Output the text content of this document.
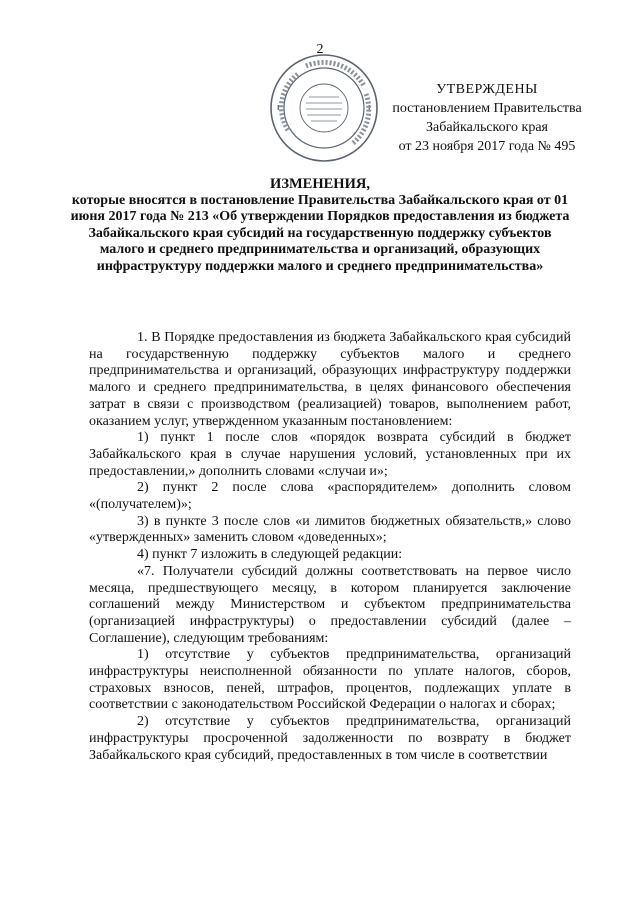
2
УТВЕРЖДЕНЫ
постановлением Правительства
Забайкальского края
от 23 ноября 2017 года № 495
ИЗМЕНЕНИЯ,
которые вносятся в постановление Правительства Забайкальского края от 01 июня 2017 года № 213 «Об утверждении Порядков предоставления из бюджета Забайкальского края субсидий на государственную поддержку субъектов малого и среднего предпринимательства и организаций, образующих инфраструктуру поддержки малого и среднего предпринимательства»

1. В Порядке предоставления из бюджета Забайкальского края субсидий на государственную поддержку субъектов малого и среднего предпринимательства и организаций, образующих инфраструктуру поддержки малого и среднего предпринимательства, в целях финансового обеспечения затрат в связи с производством (реализацией) товаров, выполнением работ, оказанием услуг, утвержденном указанным постановлением:

1) пункт 1 после слов «порядок возврата субсидий в бюджет Забайкальского края в случае нарушения условий, установленных при их предоставлении,» дополнить словами «случаи и»;

2) пункт 2 после слова «распорядителем» дополнить словом «(получателем)»;

3) в пункте 3 после слов «и лимитов бюджетных обязательств,» слово «утвержденных» заменить словом «доведенных»;

4) пункт 7 изложить в следующей редакции:

«7. Получатели субсидий должны соответствовать на первое число месяца, предшествующего месяцу, в котором планируется заключение соглашений между Министерством и субъектом предпринимательства (организацией инфраструктуры) о предоставлении субсидий (далее – Соглашение), следующим требованиям:

1) отсутствие у субъектов предпринимательства, организаций инфраструктуры неисполненной обязанности по уплате налогов, сборов, страховых взносов, пеней, штрафов, процентов, подлежащих уплате в соответствии с законодательством Российской Федерации о налогах и сборах;

2) отсутствие у субъектов предпринимательства, организаций инфраструктуры просроченной задолженности по возврату в бюджет Забайкальского края субсидий, предоставленных в том числе в соответствии
